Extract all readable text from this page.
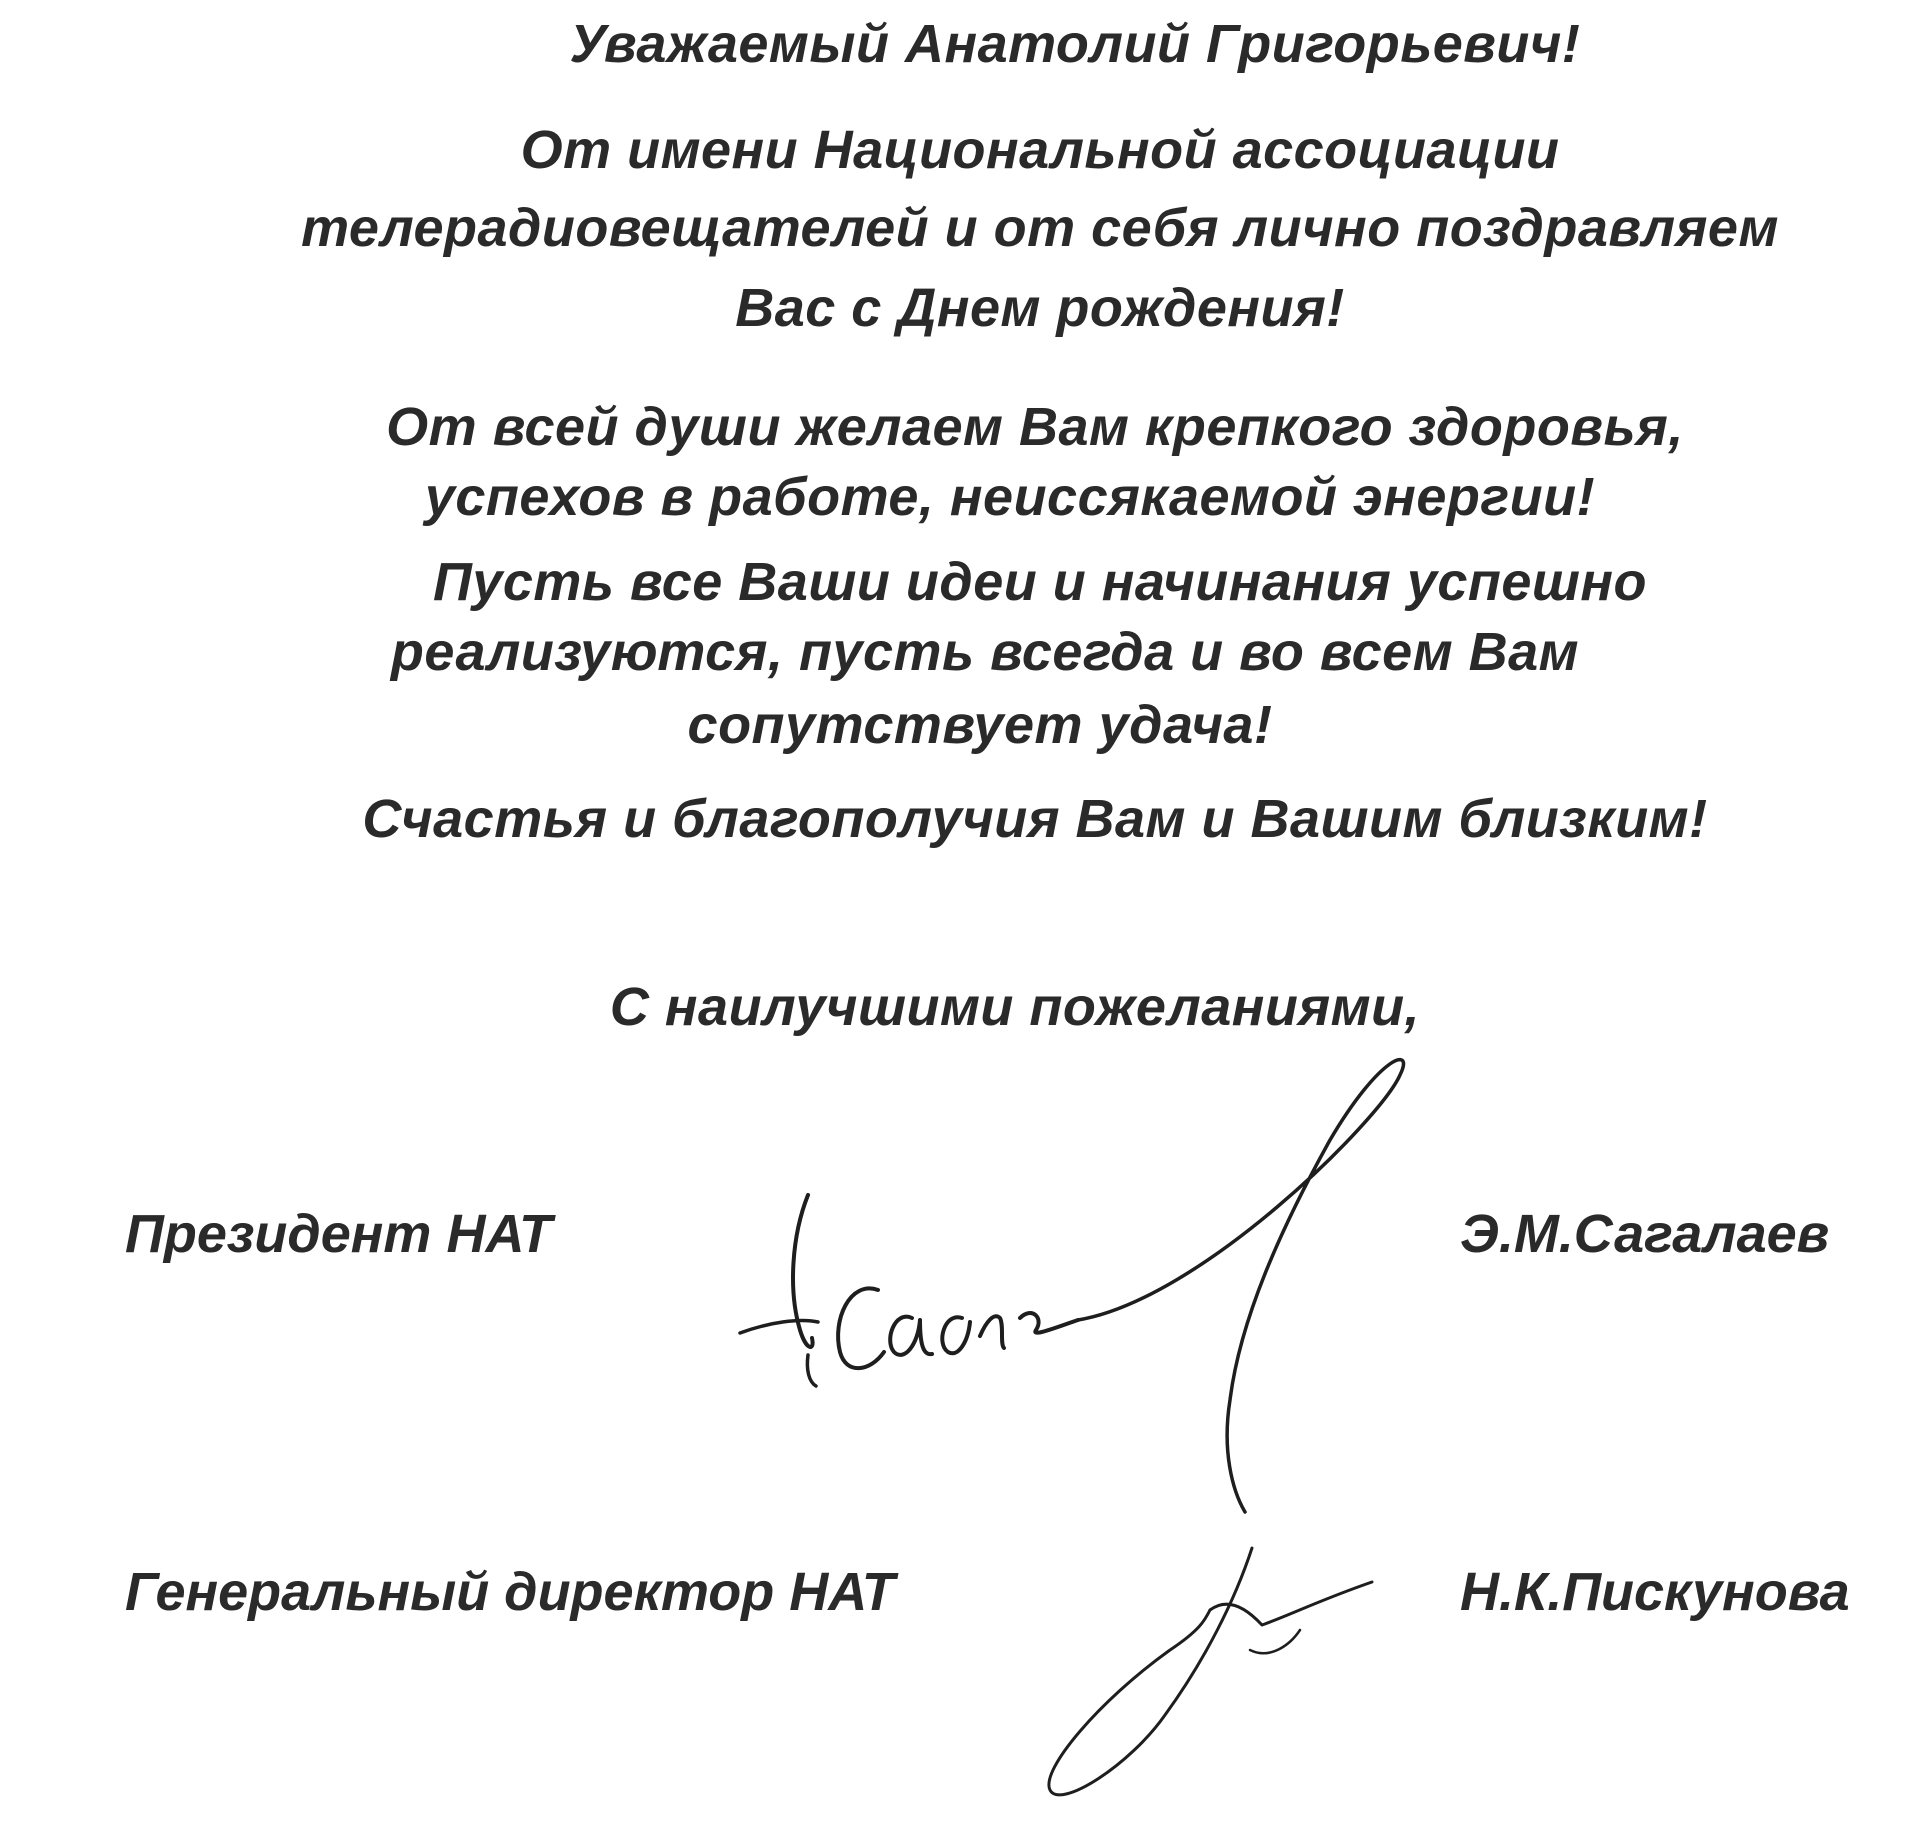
Уважаемый Анатолий Григорьевич!
От имени Национальной ассоциации
телерадиовещателей и от себя лично поздравляем
Вас с Днем рождения!
От всей души желаем Вам крепкого здоровья,
успехов в работе, неиссякаемой энергии!
Пусть все Ваши идеи и начинания успешно
реализуются, пусть всегда и во всем Вам
сопутствует удача!
Счастья и благополучия Вам и Вашим близким!
С наилучшими пожеланиями,
Президент НАТ	Э.М.Сагалаев
Генеральный директор НАТ	Н.К.Пискунова
